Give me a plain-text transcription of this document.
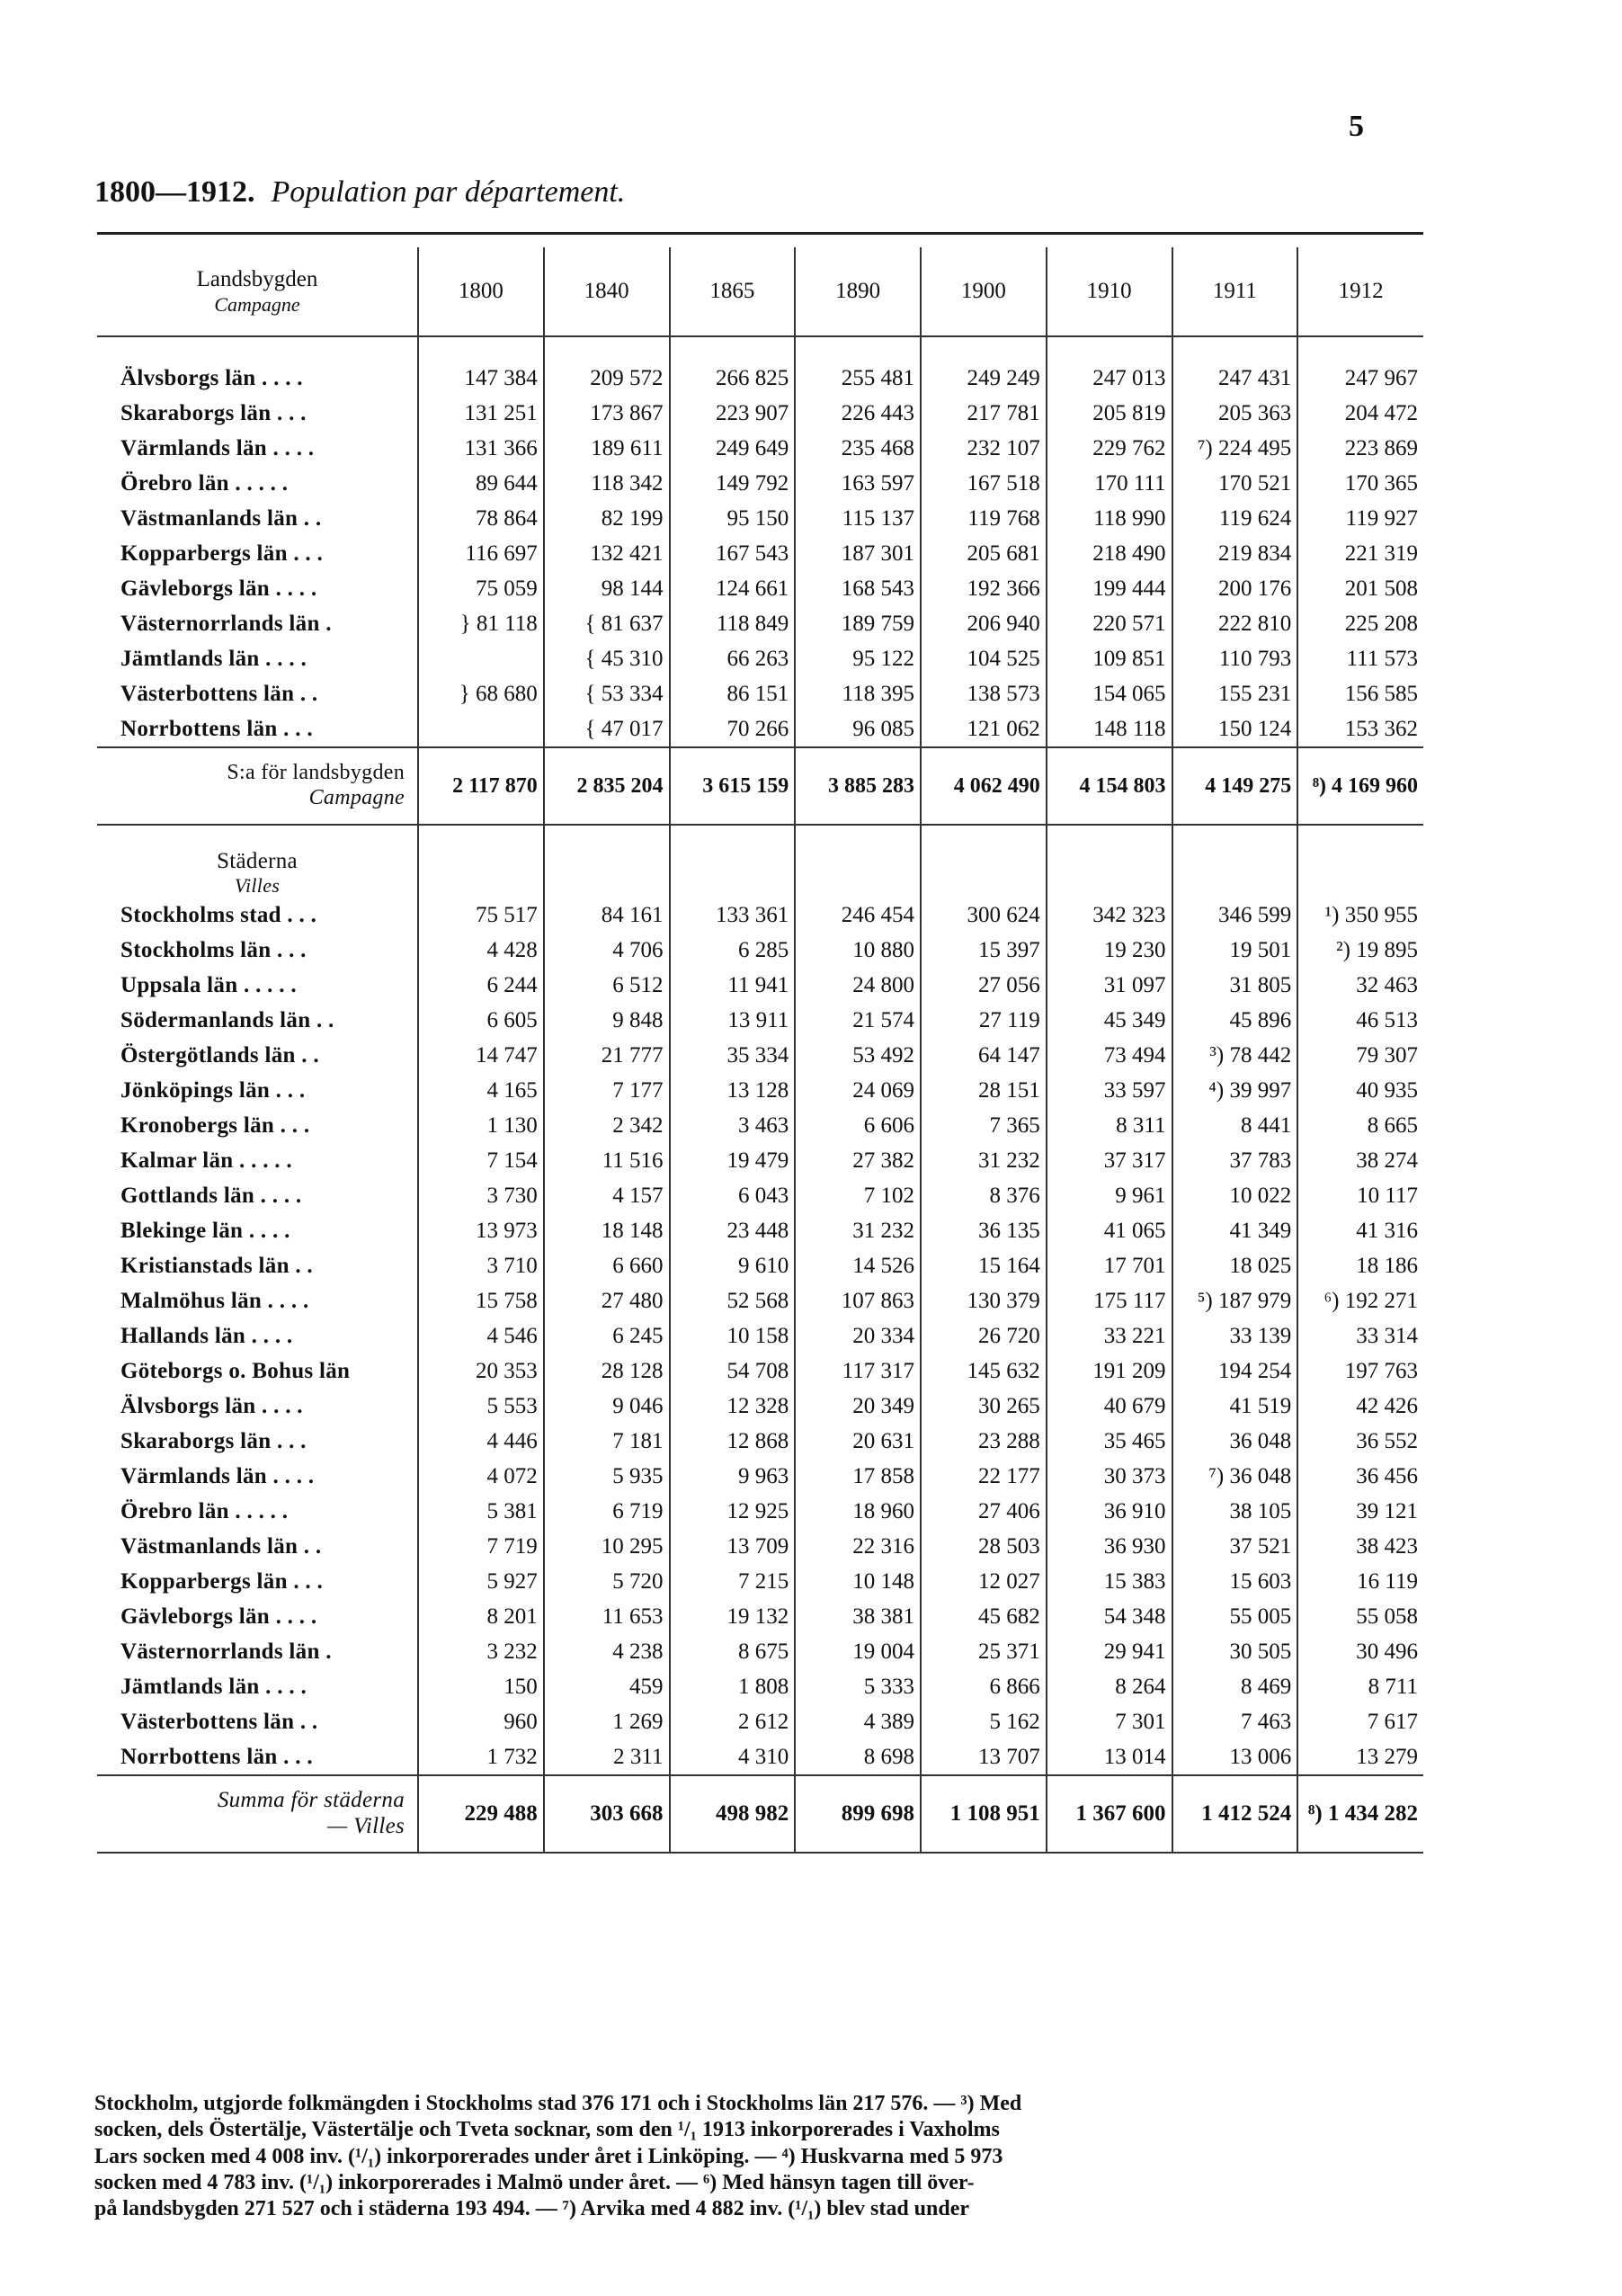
5
1800—1912. Population par département.
Landsbygden
Campagne	1800	1840	1865	1890	1900	1910	1911	1912

Älvsborgs län . . . .	147 384	209 572	266 825	255 481	249 249	247 013	247 431	247 967
Skaraborgs län . . .	131 251	173 867	223 907	226 443	217 781	205 819	205 363	204 472
Värmlands län . . . .	131 366	189 611	249 649	235 468	232 107	229 762	⁷) 224 495	223 869
Örebro län . . . . .	89 644	118 342	149 792	163 597	167 518	170 111	170 521	170 365
Västmanlands län . .	78 864	82 199	95 150	115 137	119 768	118 990	119 624	119 927
Kopparbergs län . . .	116 697	132 421	167 543	187 301	205 681	218 490	219 834	221 319
Gävleborgs län . . . .	75 059	98 144	124 661	168 543	192 366	199 444	200 176	201 508
Västernorrlands län .	} 81 118	{ 81 637	118 849	189 759	206 940	220 571	222 810	225 208
Jämtlands län . . . .		{ 45 310	66 263	95 122	104 525	109 851	110 793	111 573
Västerbottens län . .	} 68 680	{ 53 334	86 151	118 395	138 573	154 065	155 231	156 585
Norrbottens län . . .		{ 47 017	70 266	96 085	121 062	148 118	150 124	153 362
S:a för landsbygden
Campagne	2 117 870	2 835 204	3 615 159	3 885 283	4 062 490	4 154 803	4 149 275	⁸) 4 169 960

Städerna
Villes								

Stockholms stad . . .	75 517	84 161	133 361	246 454	300 624	342 323	346 599	¹) 350 955
Stockholms län . . .	4 428	4 706	6 285	10 880	15 397	19 230	19 501	²) 19 895
Uppsala län . . . . .	6 244	6 512	11 941	24 800	27 056	31 097	31 805	32 463
Södermanlands län . .	6 605	9 848	13 911	21 574	27 119	45 349	45 896	46 513
Östergötlands län . .	14 747	21 777	35 334	53 492	64 147	73 494	³) 78 442	79 307
Jönköpings län . . .	4 165	7 177	13 128	24 069	28 151	33 597	⁴) 39 997	40 935
Kronobergs län . . .	1 130	2 342	3 463	6 606	7 365	8 311	8 441	8 665
Kalmar län . . . . .	7 154	11 516	19 479	27 382	31 232	37 317	37 783	38 274
Gottlands län . . . .	3 730	4 157	6 043	7 102	8 376	9 961	10 022	10 117
Blekinge län . . . .	13 973	18 148	23 448	31 232	36 135	41 065	41 349	41 316
Kristianstads län . .	3 710	6 660	9 610	14 526	15 164	17 701	18 025	18 186
Malmöhus län . . . .	15 758	27 480	52 568	107 863	130 379	175 117	⁵) 187 979	⁶) 192 271
Hallands län . . . .	4 546	6 245	10 158	20 334	26 720	33 221	33 139	33 314
Göteborgs o. Bohus län	20 353	28 128	54 708	117 317	145 632	191 209	194 254	197 763
Älvsborgs län . . . .	5 553	9 046	12 328	20 349	30 265	40 679	41 519	42 426
Skaraborgs län . . .	4 446	7 181	12 868	20 631	23 288	35 465	36 048	36 552
Värmlands län . . . .	4 072	5 935	9 963	17 858	22 177	30 373	⁷) 36 048	36 456
Örebro län . . . . .	5 381	6 719	12 925	18 960	27 406	36 910	38 105	39 121
Västmanlands län . .	7 719	10 295	13 709	22 316	28 503	36 930	37 521	38 423
Kopparbergs län . . .	5 927	5 720	7 215	10 148	12 027	15 383	15 603	16 119
Gävleborgs län . . . .	8 201	11 653	19 132	38 381	45 682	54 348	55 005	55 058
Västernorrlands län .	3 232	4 238	8 675	19 004	25 371	29 941	30 505	30 496
Jämtlands län . . . .	150	459	1 808	5 333	6 866	8 264	8 469	8 711
Västerbottens län . .	960	1 269	2 612	4 389	5 162	7 301	7 463	7 617
Norrbottens län . . .	1 732	2 311	4 310	8 698	13 707	13 014	13 006	13 279
Summa för städerna
— Villes	229 488	303 668	498 982	899 698	1 108 951	1 367 600	1 412 524	⁸) 1 434 282

Stockholm, utgjorde folkmängden i Stockholms stad 376 171 och i Stockholms län 217 576. — ³) Med

socken, dels Östertälje, Västertälje och Tveta socknar, som den ¹/₁ 1913 inkorporerades i Vaxholms

Lars socken med 4 008 inv. (¹/₁) inkorporerades under året i Linköping. — ⁴) Huskvarna med 5 973

socken med 4 783 inv. (¹/₁) inkorporerades i Malmö under året. — ⁶) Med hänsyn tagen till över-

på landsbygden 271 527 och i städerna 193 494. — ⁷) Arvika med 4 882 inv. (¹/₁) blev stad under
